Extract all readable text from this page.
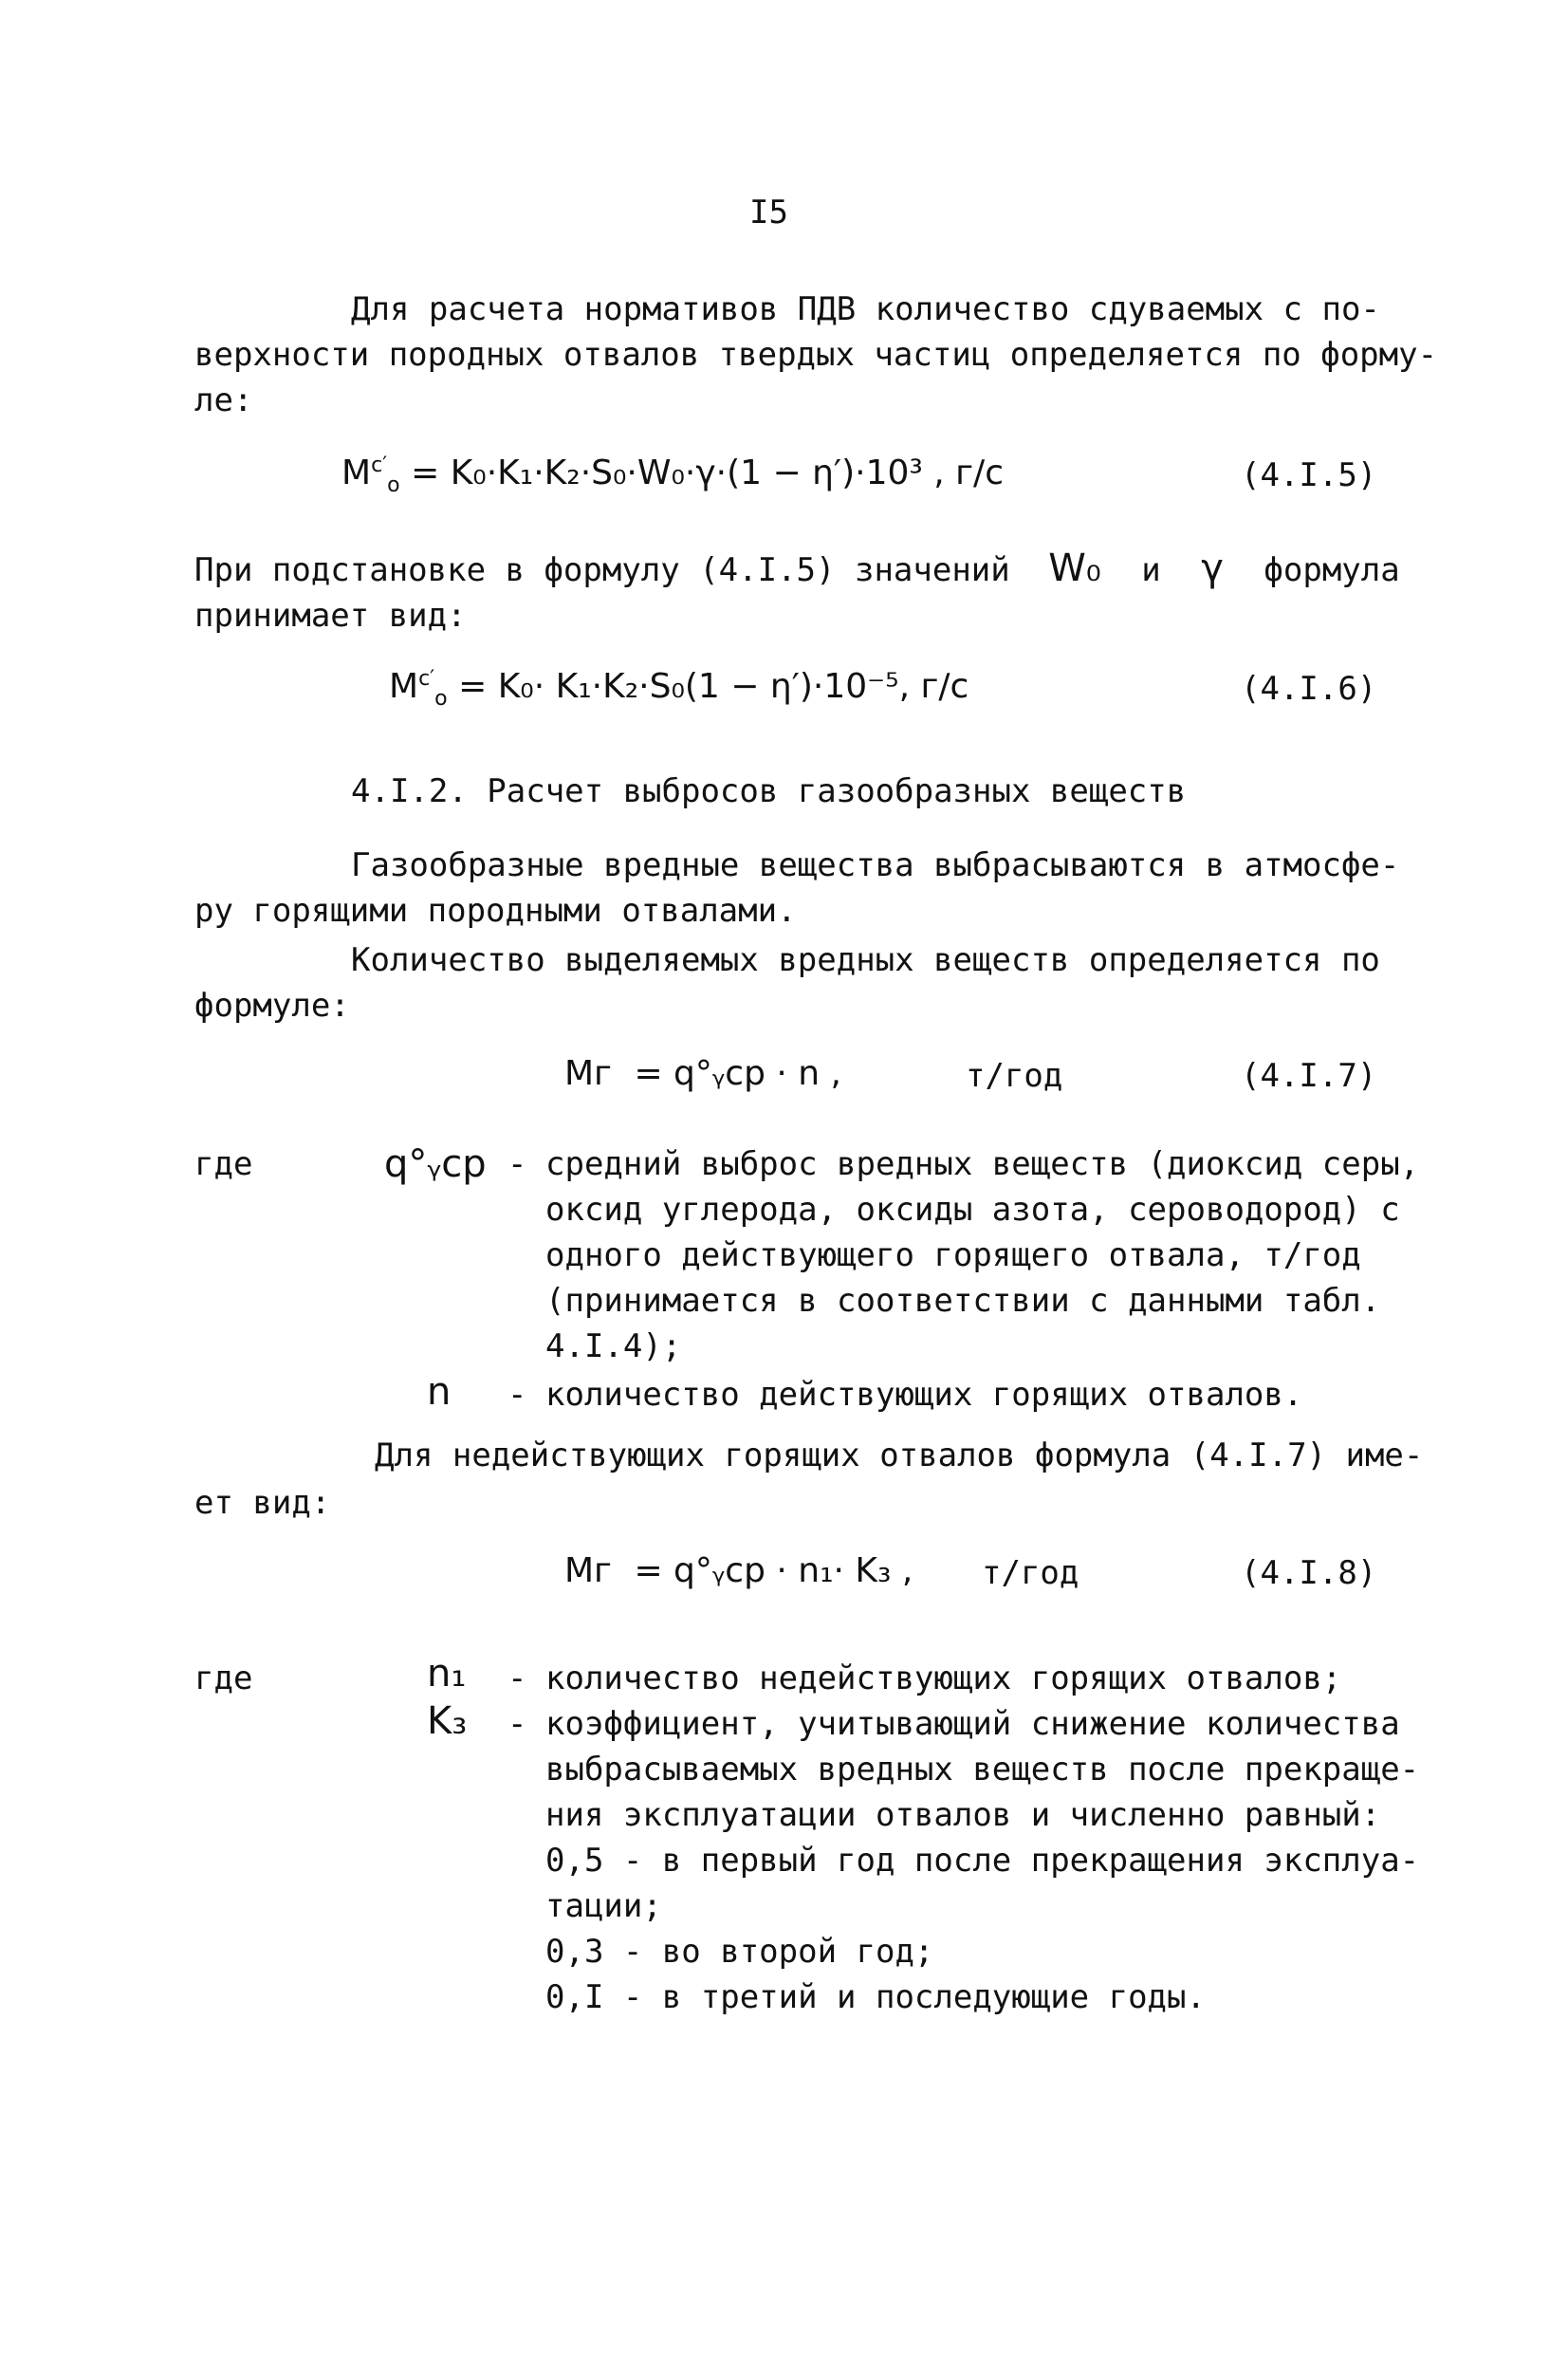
I5
Для расчета нормативов ПДВ количество сдуваемых с по-
верхности породных отвалов твердых частиц определяется по форму-
ле:
$M^{c'}_o = K_0\cdot K_1\cdot K_2\cdot S_0\cdot W_0\cdot\gamma\cdot(1 - \eta')\cdot 10^3$ , г/с	(4.I.5)
При подстановке в формулу (4.I.5) значений W₀ и γ формула
принимает вид:
$M^{c'}_o = K_0\cdot K_1\cdot K_2\cdot S_0(1 - \eta')\cdot 10^{-5}$, г/с	(4.I.6)
4.I.2. Расчет выбросов газообразных веществ
Газообразные вредные вещества выбрасываются в атмосфе-
ру горящими породными отвалами.
Количество выделяемых вредных веществ определяется по
формуле:
Mг = q°ᵧср · n ,	т/год	(4.I.7)
где	q°ᵧср - средний выброс вредных веществ (диоксид серы,
оксид углерода, оксиды азота, сероводород) с
одного действующего горящего отвала, т/год
(принимается в соответствии с данными табл.
4.I.4);
n - количество действующих горящих отвалов.
Для недействующих горящих отвалов формула (4.I.7) име-
ет вид:
Mг = q°ᵧср · n₁· K₃ , т/год	(4.I.8)
где	n₁ - количество недействующих горящих отвалов;
K₃ - коэффициент, учитывающий снижение количества
выбрасываемых вредных веществ после прекраще-
ния эксплуатации отвалов и численно равный:
0,5 - в первый год после прекращения эксплуа-
тации;
0,3 - во второй год;
0,I - в третий и последующие годы.
